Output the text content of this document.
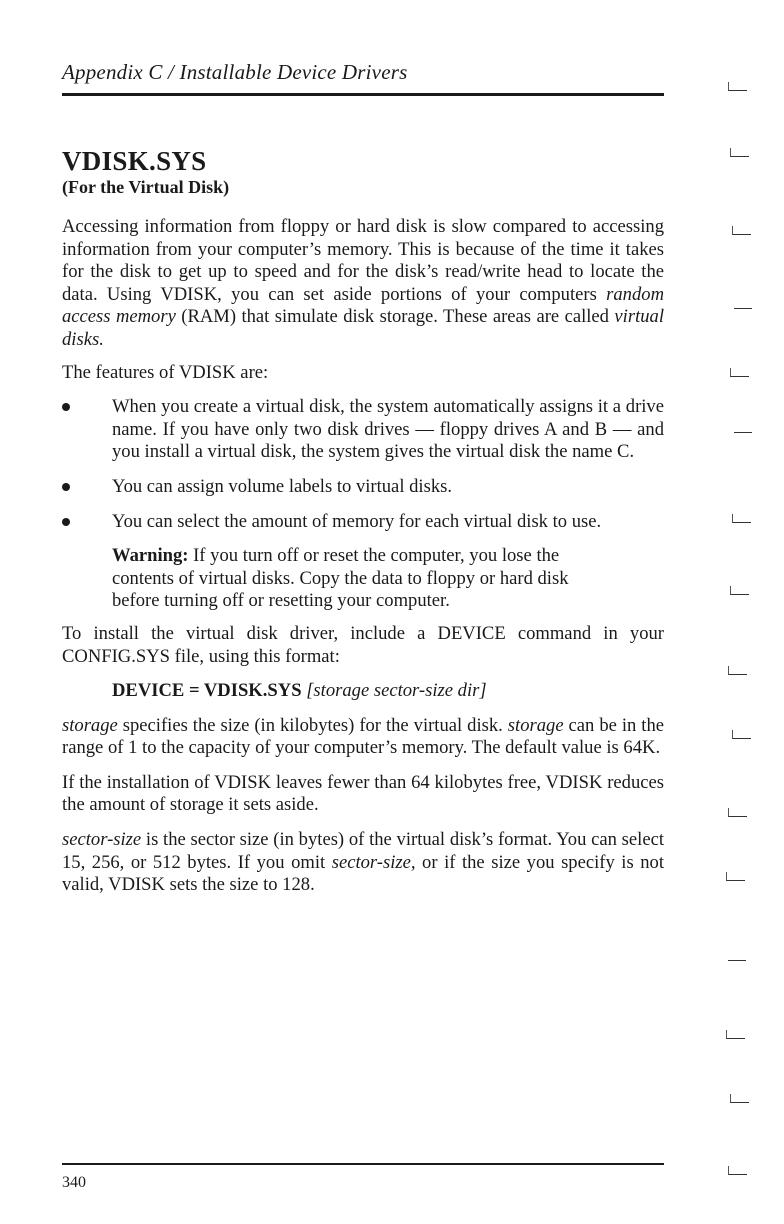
Appendix C / Installable Device Drivers
VDISK.SYS
(For the Virtual Disk)

Accessing information from floppy or hard disk is slow compared to accessing information from your computer’s memory. This is because of the time it takes for the disk to get up to speed and for the disk’s read/write head to locate the data. Using VDISK, you can set aside portions of your computers random access memory (RAM) that simulate disk storage. These areas are called virtual disks.

The features of VDISK are:

When you create a virtual disk, the system automatically assigns it a drive name. If you have only two disk drives — floppy drives A and B — and you install a virtual disk, the system gives the virtual disk the name C.
You can assign volume labels to virtual disks.
You can select the amount of memory for each virtual disk to use.

Warning: If you turn off or reset the computer, you lose the contents of virtual disks. Copy the data to floppy or hard disk before turning off or resetting your computer.

To install the virtual disk driver, include a DEVICE command in your CONFIG.SYS file, using this format:

DEVICE = VDISK.SYS [storage sector-size dir]

storage specifies the size (in kilobytes) for the virtual disk. storage can be in the range of 1 to the capacity of your computer’s memory. The default value is 64K.

If the installation of VDISK leaves fewer than 64 kilobytes free, VDISK reduces the amount of storage it sets aside.

sector-size is the sector size (in bytes) of the virtual disk’s format. You can select 15, 256, or 512 bytes. If you omit sector-size, or if the size you specify is not valid, VDISK sets the size to 128.

340
